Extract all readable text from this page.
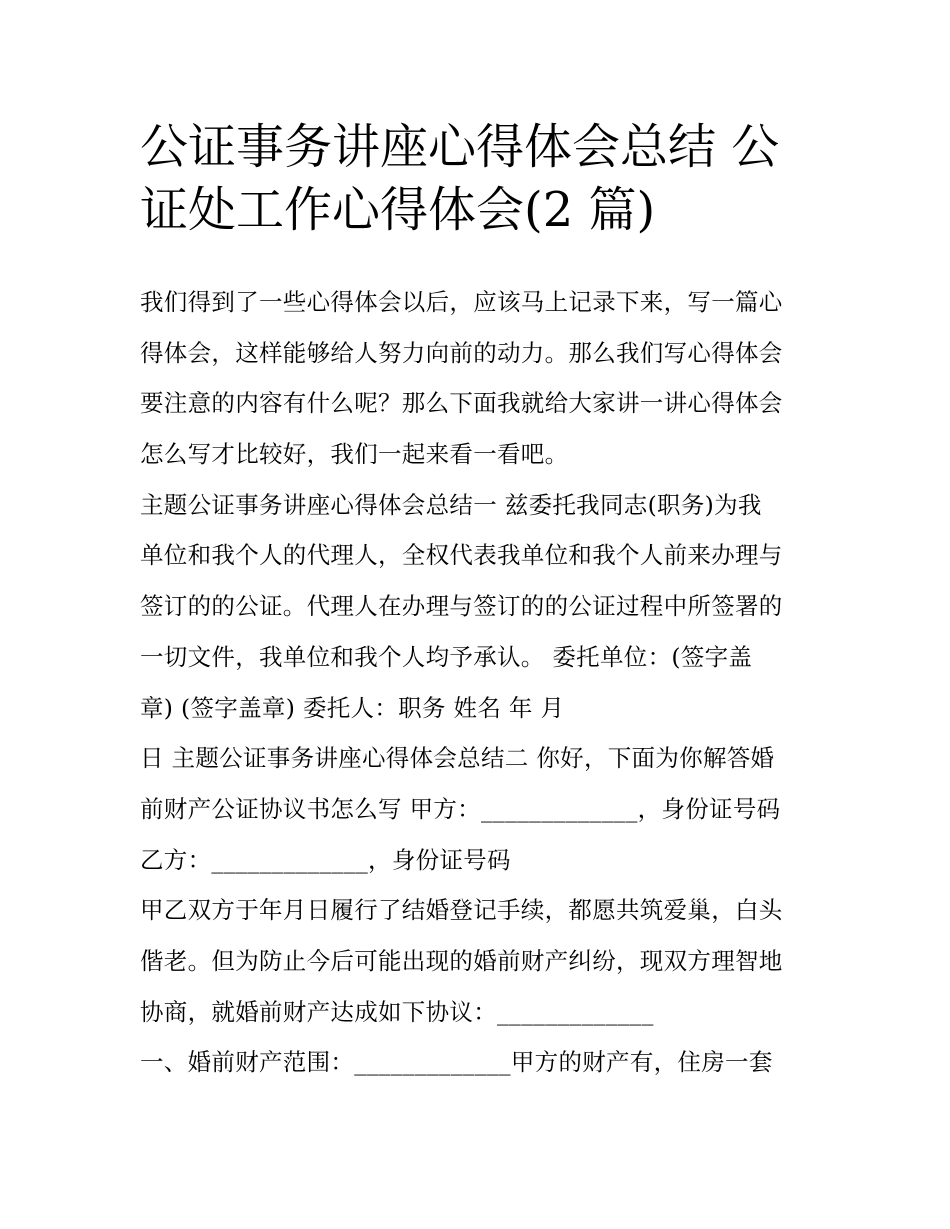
公证事务讲座心得体会总结 公
证处工作心得体会(2 篇)
我们得到了一些心得体会以后，应该马上记录下来，写一篇心
得体会，这样能够给人努力向前的动力。那么我们写心得体会
要注意的内容有什么呢？那么下面我就给大家讲一讲心得体会
怎么写才比较好，我们一起来看一看吧。
主题公证事务讲座心得体会总结一 兹委托我同志(职务)为我
单位和我个人的代理人，全权代表我单位和我个人前来办理与
签订的的公证。代理人在办理与签订的的公证过程中所签署的
一切文件，我单位和我个人均予承认。 委托单位：(签字盖
章) (签字盖章) 委托人：职务 姓名 年 月
日 主题公证事务讲座心得体会总结二 你好，下面为你解答婚
前财产公证协议书怎么写 甲方：_____________，身份证号码
乙方：_____________，身份证号码
甲乙双方于年月日履行了结婚登记手续，都愿共筑爱巢，白头
偕老。但为防止今后可能出现的婚前财产纠纷，现双方理智地
协商，就婚前财产达成如下协议：_____________
一、婚前财产范围：_____________甲方的财产有，住房一套
